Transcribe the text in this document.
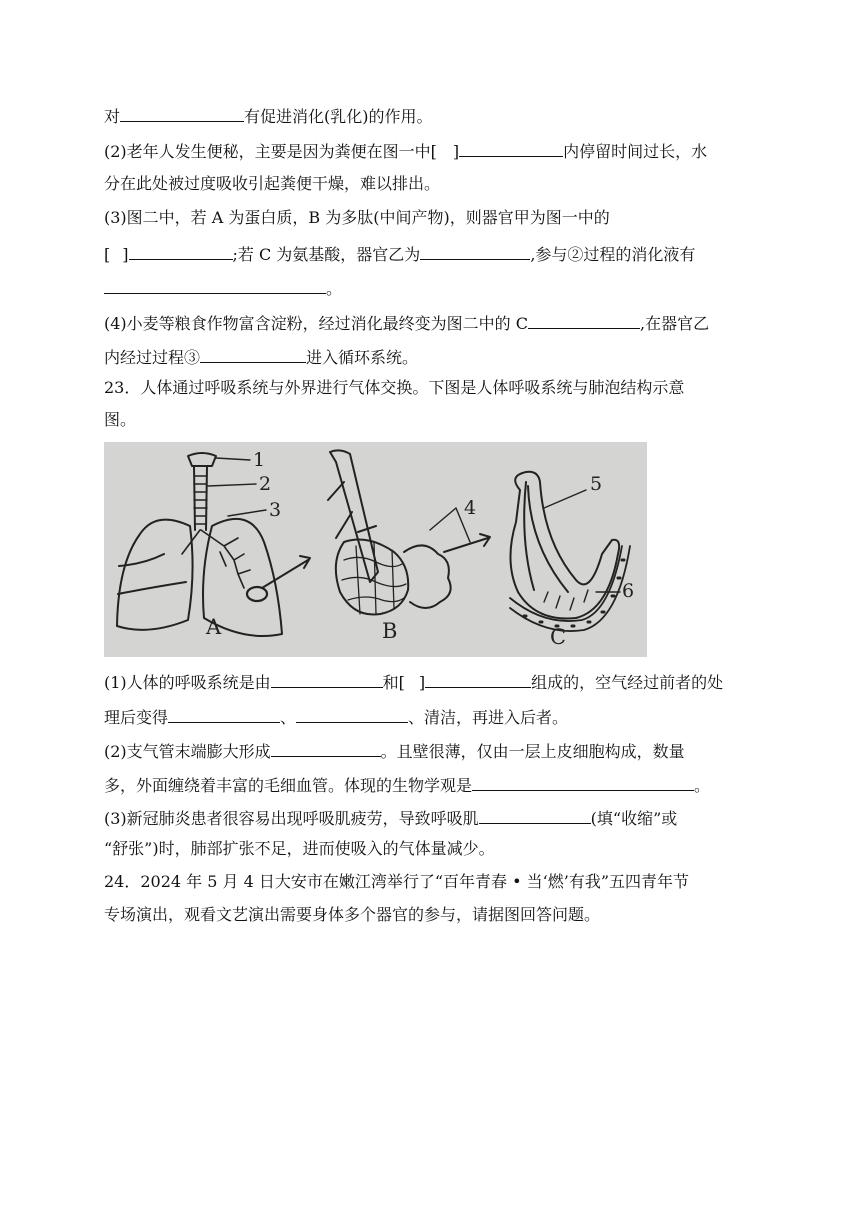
对	有促进消化(乳化)的作用。
(2)老年人发生便秘，主要是因为粪便在图一中[ ]	内停留时间过长，水
分在此处被过度吸收引起粪便干燥，难以排出。
(3)图二中，若 A 为蛋白质，B 为多肽(中间产物)，则器官甲为图一中的
[ ]	;若 C 为氨基酸，器官乙为	,参与②过程的消化液有
。
(4)小麦等粮食作物富含淀粉，经过消化最终变为图二中的 C	,在器官乙
内经过过程③	进入循环系统。
23．人体通过呼吸系统与外界进行气体交换。下图是人体呼吸系统与肺泡结构示意
图。
1
2
3	4
5
6
A	B	C
(1)人体的呼吸系统是由	和[ ]	组成的，空气经过前者的处
理后变得	、	、清洁，再进入后者。
(2)支气管末端膨大形成	。且壁很薄，仅由一层上皮细胞构成，数量
多，外面缠绕着丰富的毛细血管。体现的生物学观是	。
(3)新冠肺炎患者很容易出现呼吸肌疲劳，导致呼吸肌	(填“收缩”或
“舒张”)时，肺部扩张不足，进而使吸入的气体量减少。
24．2024 年 5 月 4 日大安市在嫩江湾举行了“百年青春 • 当‘燃’有我”五四青年节
专场演出，观看文艺演出需要身体多个器官的参与，请据图回答问题。
